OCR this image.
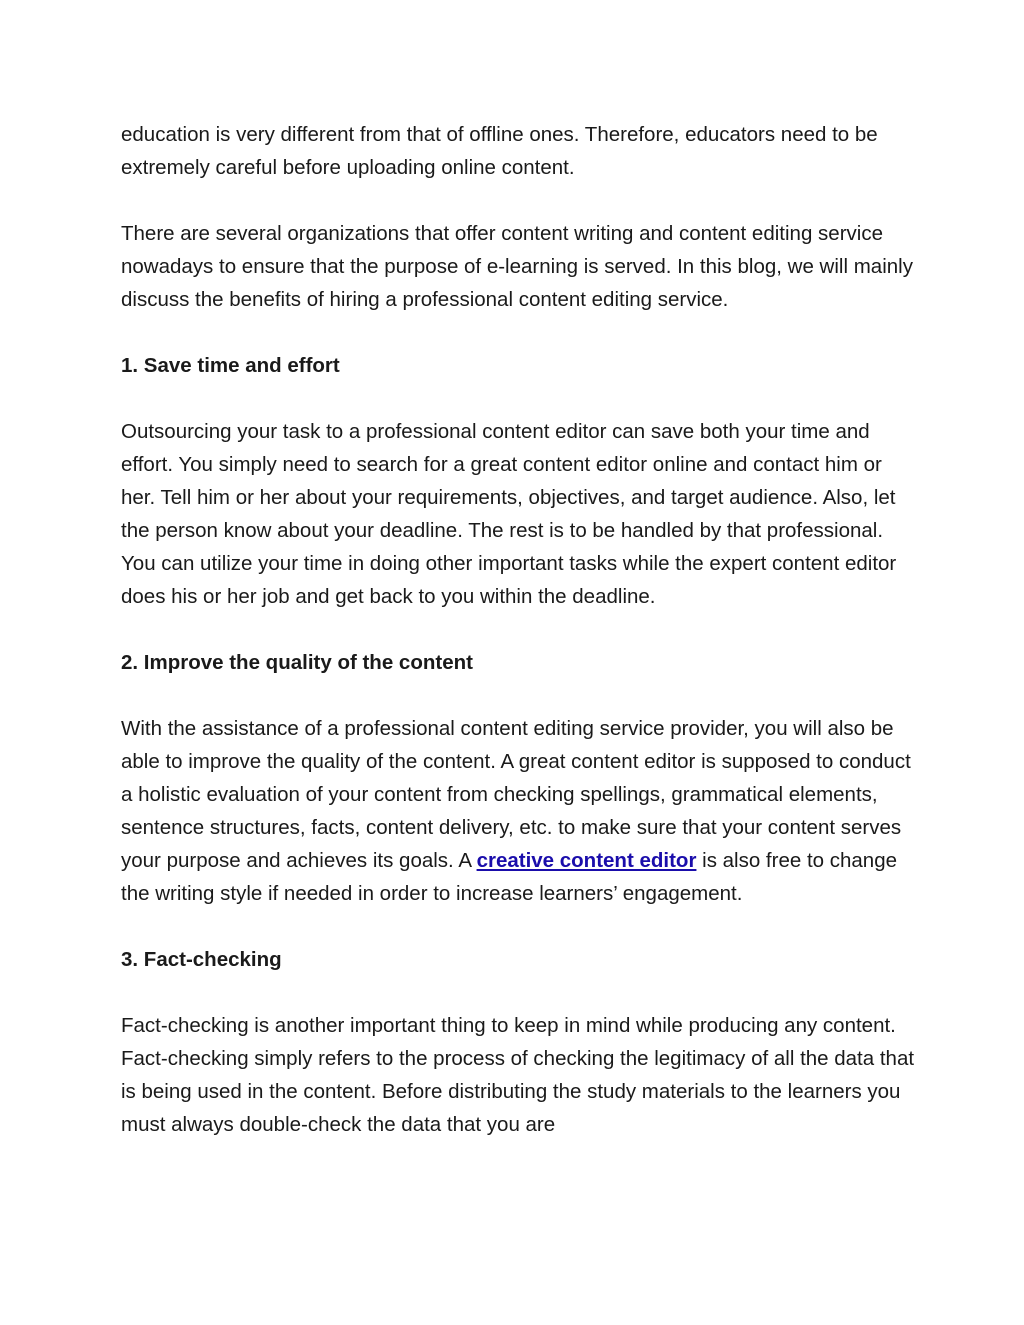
education is very different from that of offline ones. Therefore, educators need to be extremely careful before uploading online content.

There are several organizations that offer content writing and content editing service nowadays to ensure that the purpose of e-learning is served. In this blog, we will mainly discuss the benefits of hiring a professional content editing service.

1. Save time and effort

Outsourcing your task to a professional content editor can save both your time and effort. You simply need to search for a great content editor online and contact him or her. Tell him or her about your requirements, objectives, and target audience. Also, let the person know about your deadline. The rest is to be handled by that professional. You can utilize your time in doing other important tasks while the expert content editor does his or her job and get back to you within the deadline.

2. Improve the quality of the content

With the assistance of a professional content editing service provider, you will also be able to improve the quality of the content. A great content editor is supposed to conduct a holistic evaluation of your content from checking spellings, grammatical elements, sentence structures, facts, content delivery, etc. to make sure that your content serves your purpose and achieves its goals. A creative content editor is also free to change the writing style if needed in order to increase learners’ engagement.

3. Fact-checking

Fact-checking is another important thing to keep in mind while producing any content. Fact-checking simply refers to the process of checking the legitimacy of all the data that is being used in the content. Before distributing the study materials to the learners you must always double-check the data that you are
